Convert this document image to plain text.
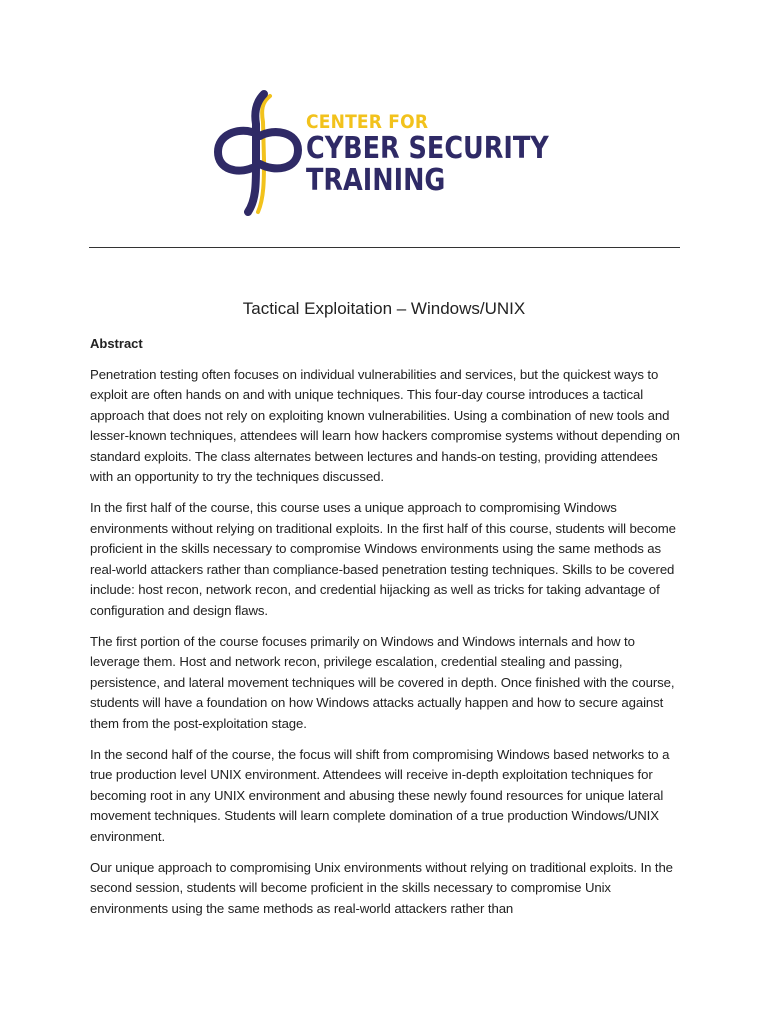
CENTER FOR
CYBER SECURITY
TRAINING
Tactical Exploitation – Windows/UNIX
Abstract

Penetration testing often focuses on individual vulnerabilities and services, but the quickest ways to exploit are often hands on and with unique techniques. This four-day course introduces a tactical approach that does not rely on exploiting known vulnerabilities. Using a combination of new tools and lesser-known techniques, attendees will learn how hackers compromise systems without depending on standard exploits. The class alternates between lectures and hands-on testing, providing attendees with an opportunity to try the techniques discussed.

In the first half of the course, this course uses a unique approach to compromising Windows environments without relying on traditional exploits. In the first half of this course, students will become proficient in the skills necessary to compromise Windows environments using the same methods as real-world attackers rather than compliance-based penetration testing techniques. Skills to be covered include: host recon, network recon, and credential hijacking as well as tricks for taking advantage of configuration and design flaws.

The first portion of the course focuses primarily on Windows and Windows internals and how to leverage them. Host and network recon, privilege escalation, credential stealing and passing, persistence, and lateral movement techniques will be covered in depth. Once finished with the course, students will have a foundation on how Windows attacks actually happen and how to secure against them from the post-exploitation stage.

In the second half of the course, the focus will shift from compromising Windows based networks to a true production level UNIX environment. Attendees will receive in-depth exploitation techniques for becoming root in any UNIX environment and abusing these newly found resources for unique lateral movement techniques. Students will learn complete domination of a true production Windows/UNIX environment.

Our unique approach to compromising Unix environments without relying on traditional exploits. In the second session, students will become proficient in the skills necessary to compromise Unix environments using the same methods as real-world attackers rather than
